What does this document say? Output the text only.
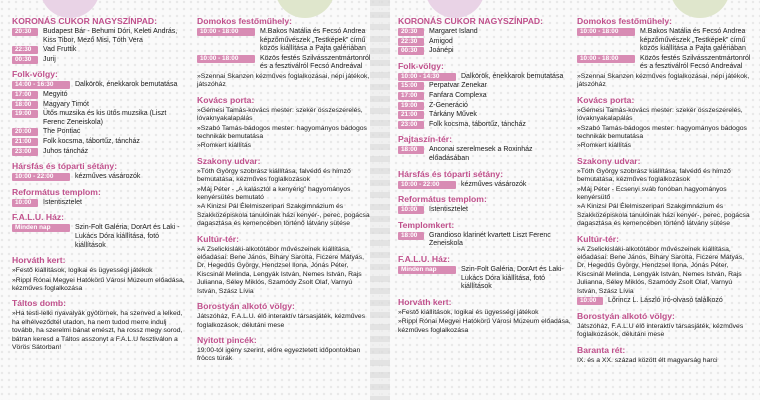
KORONÁS CUKOR NAGYSZÍNPAD:
20:30	Budapest Bár - Behumi Dóri, Keleti András, Kiss Tibor, Mező Misi, Tóth Vera
22:30	Vad Fruttik
00:30	Jurij
Folk-völgy:
14:00 - 16:30	Dalkörök, énekkarok bemutatása
17:00	Megyitó
18:00	Magyary Timót
19:00	Ütős muzsika és kis ütős muzsika (Liszt Ferenc Zeneiskola)
20:00	The Pontiac
21:00	Folk kocsma, tábortűz, táncház
23:00	Juhos táncház
Hársfás és tóparti sétány:
10:00 - 22:00	kézműves vásározók
Református templom:
10:00	Istentisztelet
F.A.L.U. Ház:
Minden nap	Szin-Folt Galéria, DorArt és Laki - Lukács Dóra kiállítása, fotó kiállítások
Horváth kert:
»Festő kiállítások, logikai és ügyességi játékok
»Rippl Rónai Megyei Hatókörű Városi Múzeum előadása, kézműves foglalkozása
Táltos domb:
»Ha testi-lelki nyavalyák gyötörnek, ha szenved a lelked, ha elhélveződtél utadon, ha nem tudod merre indulj tovább, ha szerelmi bánat emészt, ha rossz megy sorod, bátran keresd a Táltos asszonyt a F.A.L.U fesztiválon a Vörös Sátorban!
Domokos festőműhely:
10:00 - 18:00	M.Bakos Natália és Fecsó Andrea képzőművészek „Testképek” című közös kiállítása a Pajta galériában
10:00 - 18:00	Közös festés Szilvásszentmártonról és a fesztiválról Fecsó Andreával
»Szennai Skanzen kézműves foglalkozásai, népi játékok, játszóház
Kovács porta:
»Gémesi Tamás-kovács mester: szekér összeszerelés, lóvaknyakalapálás
»Szabó Tamás-bádogos mester: hagyományos bádogos technikák bemutatása
»Romkert kiállítás
Szakony udvar:
»Tóth György szobrász kiállítása, falvédő és hímző bemutatása, kézműves foglalkozások
»Máj Péter - „A kalásztól a kenyérig” hagyományos kenyérsütés bemutató
»A Kinizsi Pál Élelmiszeripari Szakgimnázium és Szakközépiskola tanulóinak házi kenyér-, perec, pogácsa dagasztása és kemencében történő látvány sütése
Kultúr-tér:
»A Zselickisláki-alkotótábor művészeinek kiállítása, előadásai: Bene János, Bihary Sarolta, Ficzere Mátyás, Dr. Hegedűs György, Hendzsel Ilona, Jónás Péter, Kiscsinál Melinda, Lengyák István, Nemes István, Rajs Julianna, Séley Miklós, Szamódy Zsolt Olaf, Varnyú István, Szász Lívia
Borostyán alkotó völgy:
Játszóház, F.A.L.U. élő interaktív társasjáték, kézműves foglalkozások, délutáni mese
Nyitott pincék:
19:00-tól igény szerint, előre egyeztetett időpontokban fröccs túrák
KORONÁS CUKOR NAGYSZÍNPAD:
20:30	Margaret Island
22:30	Amigod
00:30	Joánépi
Folk-völgy:
10:00 - 14:30	Dalkörök, énekkarok bemutatása
15:00	Perpatvar Zenekar
17:00	Fanfara Complexa
19:00	Z-Generáció
21:00	Tárkány Művek
23:00	Folk kocsma, tábortűz, táncház
Pajtaszín-tér:
18:00	Anconai szerelmesek a Roxinház előadásában
Hársfás és tóparti sétány:
10:00 - 22:00	kézműves vásározók
Református templom:
10:00	Istentisztelet
Templomkert:
18:00	Grandioso klarinét kvartett Liszt Ferenc Zeneiskola
F.A.L.U. Ház:
Minden nap	Szin-Folt Galéria, DorArt és Laki-Lukács Dóra kiállítása, fotó kiállítások
Horváth kert:
»Festő kiállítások, logikai és ügyességi játékok
»Rippl Rónai Megyei Hatókörű Városi Múzeum előadása, kézműves foglalkozása
Domokos festőműhely:
10:00 - 18:00	M.Bakos Natália és Fecsó Andrea képzőművészek „Testképek” című közös kiállítása a Pajta galériában
10:00 - 18:00	Közös festés Szilvásszentmártonról és a fesztiválról Fecsó Andreával
»Szennai Skanzen kézműves foglalkozásai, népi játékok, játszóház
Kovács porta:
»Gémesi Tamás-kovács mester: szekér összeszerelés, lóvaknyakalapálás
»Szabó Tamás-bádogos mester: hagyományos bádogos technikák bemutatása
»Romkert kiállítás
Szakony udvar:
»Tóth György szobrász kiállítása, falvédő és hímző bemutatása, kézműves foglalkozások
»Máj Péter - Ecsenyi sváb fonóban hagyományos kenyérsütő
»A Kinizsi Pál Élelmiszeripari Szakgimnázium és Szakközépiskola tanulóinak házi kenyér-, perec, pogácsa dagasztása és kemencében történő látvány sütése
Kultúr-tér:
»A Zselickisláki-alkotótábor művészeinek kiállítása, előadásai: Bene János, Bihary Sarolta, Ficzere Mátyás, Dr. Hegedűs György, Hendzsel Ilona, Jónás Péter, Kiscsinál Melinda, Lengyák István, Nemes István, Rajs Julianna, Séley Miklós, Szamódy Zsolt Olaf, Varnyú István, Szász Lívia
10:00	Lőrincz L. László író-olvasó találkozó
Borostyán alkotó völgy:
Játszóház, F.A.L.U élő interaktív társasjáték, kézműves foglalkozások, délutáni mese
Baranta rét:
IX. és a XX. század között élt magyarság harci
